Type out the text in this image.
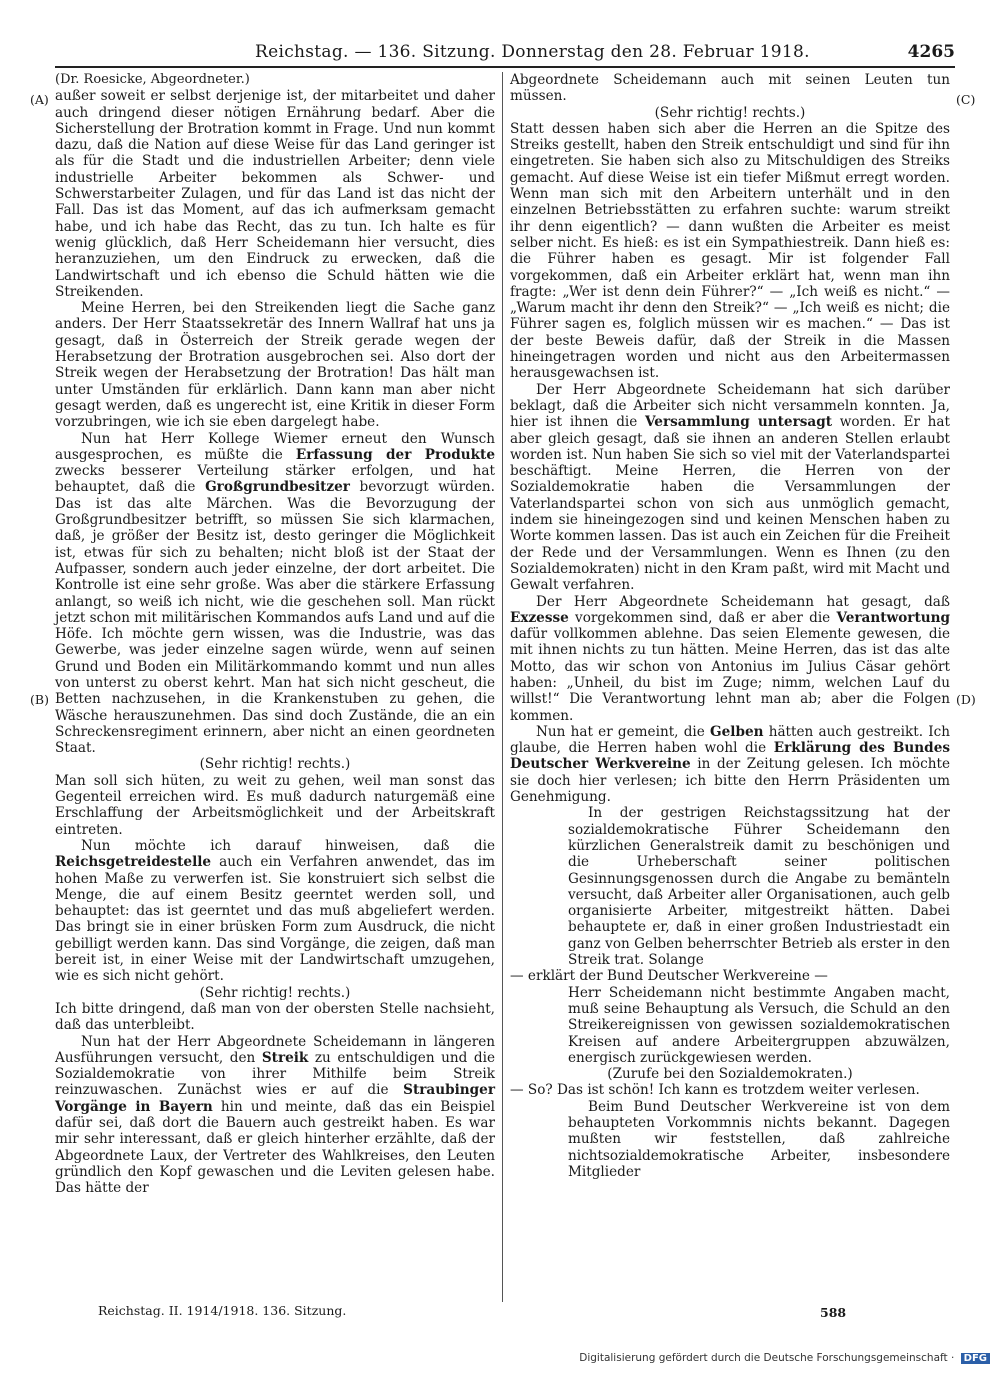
Reichstag. — 136. Sitzung. Donnerstag den 28. Februar 1918.	4265
(A)
(B)
(C)
(D)

(Dr. Roesicke, Abgeordneter.)

außer soweit er selbst derjenige ist, der mitarbeitet und daher auch dringend dieser nötigen Ernährung bedarf. Aber die Sicherstellung der Brotration kommt in Frage. Und nun kommt dazu, daß die Nation auf diese Weise für das Land geringer ist als für die Stadt und die industriellen Arbeiter; denn viele industrielle Arbeiter bekommen als Schwer- und Schwerstarbeiter Zulagen, und für das Land ist das nicht der Fall. Das ist das Moment, auf das ich aufmerksam gemacht habe, und ich habe das Recht, das zu tun. Ich halte es für wenig glücklich, daß Herr Scheidemann hier versucht, dies heranzuziehen, um den Eindruck zu erwecken, daß die Landwirtschaft und ich ebenso die Schuld hätten wie die Streikenden.

Meine Herren, bei den Streikenden liegt die Sache ganz anders. Der Herr Staatssekretär des Innern Wallraf hat uns ja gesagt, daß in Österreich der Streik gerade wegen der Herabsetzung der Brotration ausgebrochen sei. Also dort der Streik wegen der Herabsetzung der Brotration! Das hält man unter Umständen für erklärlich. Dann kann man aber nicht gesagt werden, daß es ungerecht ist, eine Kritik in dieser Form vorzubringen, wie ich sie eben dargelegt habe.

Nun hat Herr Kollege Wiemer erneut den Wunsch ausgesprochen, es müßte die Erfassung der Produkte zwecks besserer Verteilung stärker erfolgen, und hat behauptet, daß die Großgrundbesitzer bevorzugt würden. Das ist das alte Märchen. Was die Bevorzugung der Großgrundbesitzer betrifft, so müssen Sie sich klarmachen, daß, je größer der Besitz ist, desto geringer die Möglichkeit ist, etwas für sich zu behalten; nicht bloß ist der Staat der Aufpasser, sondern auch jeder einzelne, der dort arbeitet. Die Kontrolle ist eine sehr große. Was aber die stärkere Erfassung anlangt, so weiß ich nicht, wie die geschehen soll. Man rückt jetzt schon mit militärischen Kommandos aufs Land und auf die Höfe. Ich möchte gern wissen, was die Industrie, was das Gewerbe, was jeder einzelne sagen würde, wenn auf seinen Grund und Boden ein Militärkommando kommt und nun alles von unterst zu oberst kehrt. Man hat sich nicht gescheut, die Betten nachzusehen, in die Krankenstuben zu gehen, die Wäsche herauszunehmen. Das sind doch Zustände, die an ein Schreckensregiment erinnern, aber nicht an einen geordneten Staat.

(Sehr richtig! rechts.)

Man soll sich hüten, zu weit zu gehen, weil man sonst das Gegenteil erreichen wird. Es muß dadurch naturgemäß eine Erschlaffung der Arbeitsmöglichkeit und der Arbeitskraft eintreten.

Nun möchte ich darauf hinweisen, daß die Reichsgetreidestelle auch ein Verfahren anwendet, das im hohen Maße zu verwerfen ist. Sie konstruiert sich selbst die Menge, die auf einem Besitz geerntet werden soll, und behauptet: das ist geerntet und das muß abgeliefert werden. Das bringt sie in einer brüsken Form zum Ausdruck, die nicht gebilligt werden kann. Das sind Vorgänge, die zeigen, daß man bereit ist, in einer Weise mit der Landwirtschaft umzugehen, wie es sich nicht gehört.

(Sehr richtig! rechts.)

Ich bitte dringend, daß man von der obersten Stelle nachsieht, daß das unterbleibt.

Nun hat der Herr Abgeordnete Scheidemann in längeren Ausführungen versucht, den Streik zu entschuldigen und die Sozialdemokratie von ihrer Mithilfe beim Streik reinzuwaschen. Zunächst wies er auf die Straubinger Vorgänge in Bayern hin und meinte, daß das ein Beispiel dafür sei, daß dort die Bauern auch gestreikt haben. Es war mir sehr interessant, daß er gleich hinterher erzählte, daß der Abgeordnete Laux, der Vertreter des Wahlkreises, den Leuten gründlich den Kopf gewaschen und die Leviten gelesen habe. Das hätte der

Abgeordnete Scheidemann auch mit seinen Leuten tun müssen.

(Sehr richtig! rechts.)

Statt dessen haben sich aber die Herren an die Spitze des Streiks gestellt, haben den Streik entschuldigt und sind für ihn eingetreten. Sie haben sich also zu Mitschuldigen des Streiks gemacht. Auf diese Weise ist ein tiefer Mißmut erregt worden. Wenn man sich mit den Arbeitern unterhält und in den einzelnen Betriebsstätten zu erfahren suchte: warum streikt ihr denn eigentlich? — dann wußten die Arbeiter es meist selber nicht. Es hieß: es ist ein Sympathiestreik. Dann hieß es: die Führer haben es gesagt. Mir ist folgender Fall vorgekommen, daß ein Arbeiter erklärt hat, wenn man ihn fragte: „Wer ist denn dein Führer?“ — „Ich weiß es nicht.“ — „Warum macht ihr denn den Streik?“ — „Ich weiß es nicht; die Führer sagen es, folglich müssen wir es machen.“ — Das ist der beste Beweis dafür, daß der Streik in die Massen hineingetragen worden und nicht aus den Arbeitermassen herausgewachsen ist.

Der Herr Abgeordnete Scheidemann hat sich darüber beklagt, daß die Arbeiter sich nicht versammeln konnten. Ja, hier ist ihnen die Versammlung untersagt worden. Er hat aber gleich gesagt, daß sie ihnen an anderen Stellen erlaubt worden ist. Nun haben Sie sich so viel mit der Vaterlandspartei beschäftigt. Meine Herren, die Herren von der Sozialdemokratie haben die Versammlungen der Vaterlandspartei schon von sich aus unmöglich gemacht, indem sie hineingezogen sind und keinen Menschen haben zu Worte kommen lassen. Das ist auch ein Zeichen für die Freiheit der Rede und der Versammlungen. Wenn es Ihnen (zu den Sozialdemokraten) nicht in den Kram paßt, wird mit Macht und Gewalt verfahren.

Der Herr Abgeordnete Scheidemann hat gesagt, daß Exzesse vorgekommen sind, daß er aber die Verantwortung dafür vollkommen ablehne. Das seien Elemente gewesen, die mit ihnen nichts zu tun hätten. Meine Herren, das ist das alte Motto, das wir schon von Antonius im Julius Cäsar gehört haben: „Unheil, du bist im Zuge; nimm, welchen Lauf du willst!“ Die Verantwortung lehnt man ab; aber die Folgen kommen.

Nun hat er gemeint, die Gelben hätten auch gestreikt. Ich glaube, die Herren haben wohl die Erklärung des Bundes Deutscher Werkvereine in der Zeitung gelesen. Ich möchte sie doch hier verlesen; ich bitte den Herrn Präsidenten um Genehmigung.

In der gestrigen Reichstagssitzung hat der sozialdemokratische Führer Scheidemann den kürzlichen Generalstreik damit zu beschönigen und die Urheberschaft seiner politischen Gesinnungsgenossen durch die Angabe zu bemänteln versucht, daß Arbeiter aller Organisationen, auch gelb organisierte Arbeiter, mitgestreikt hätten. Dabei behauptete er, daß in einer großen Industriestadt ein ganz von Gelben beherrschter Betrieb als erster in den Streik trat. Solange

— erklärt der Bund Deutscher Werkvereine —

Herr Scheidemann nicht bestimmte Angaben macht, muß seine Behauptung als Versuch, die Schuld an den Streikereignissen von gewissen sozialdemokratischen Kreisen auf andere Arbeitergruppen abzuwälzen, energisch zurückgewiesen werden.

(Zurufe bei den Sozialdemokraten.)

— So? Das ist schön! Ich kann es trotzdem weiter verlesen.

Beim Bund Deutscher Werkvereine ist von dem behaupteten Vorkommnis nichts bekannt. Dagegen mußten wir feststellen, daß zahlreiche nichtsozialdemokratische Arbeiter, insbesondere Mitglieder

Reichstag. II. 1914/1918. 136. Sitzung.	588
Digitalisierung gefördert durch die Deutsche Forschungsgemeinschaft · DFG
